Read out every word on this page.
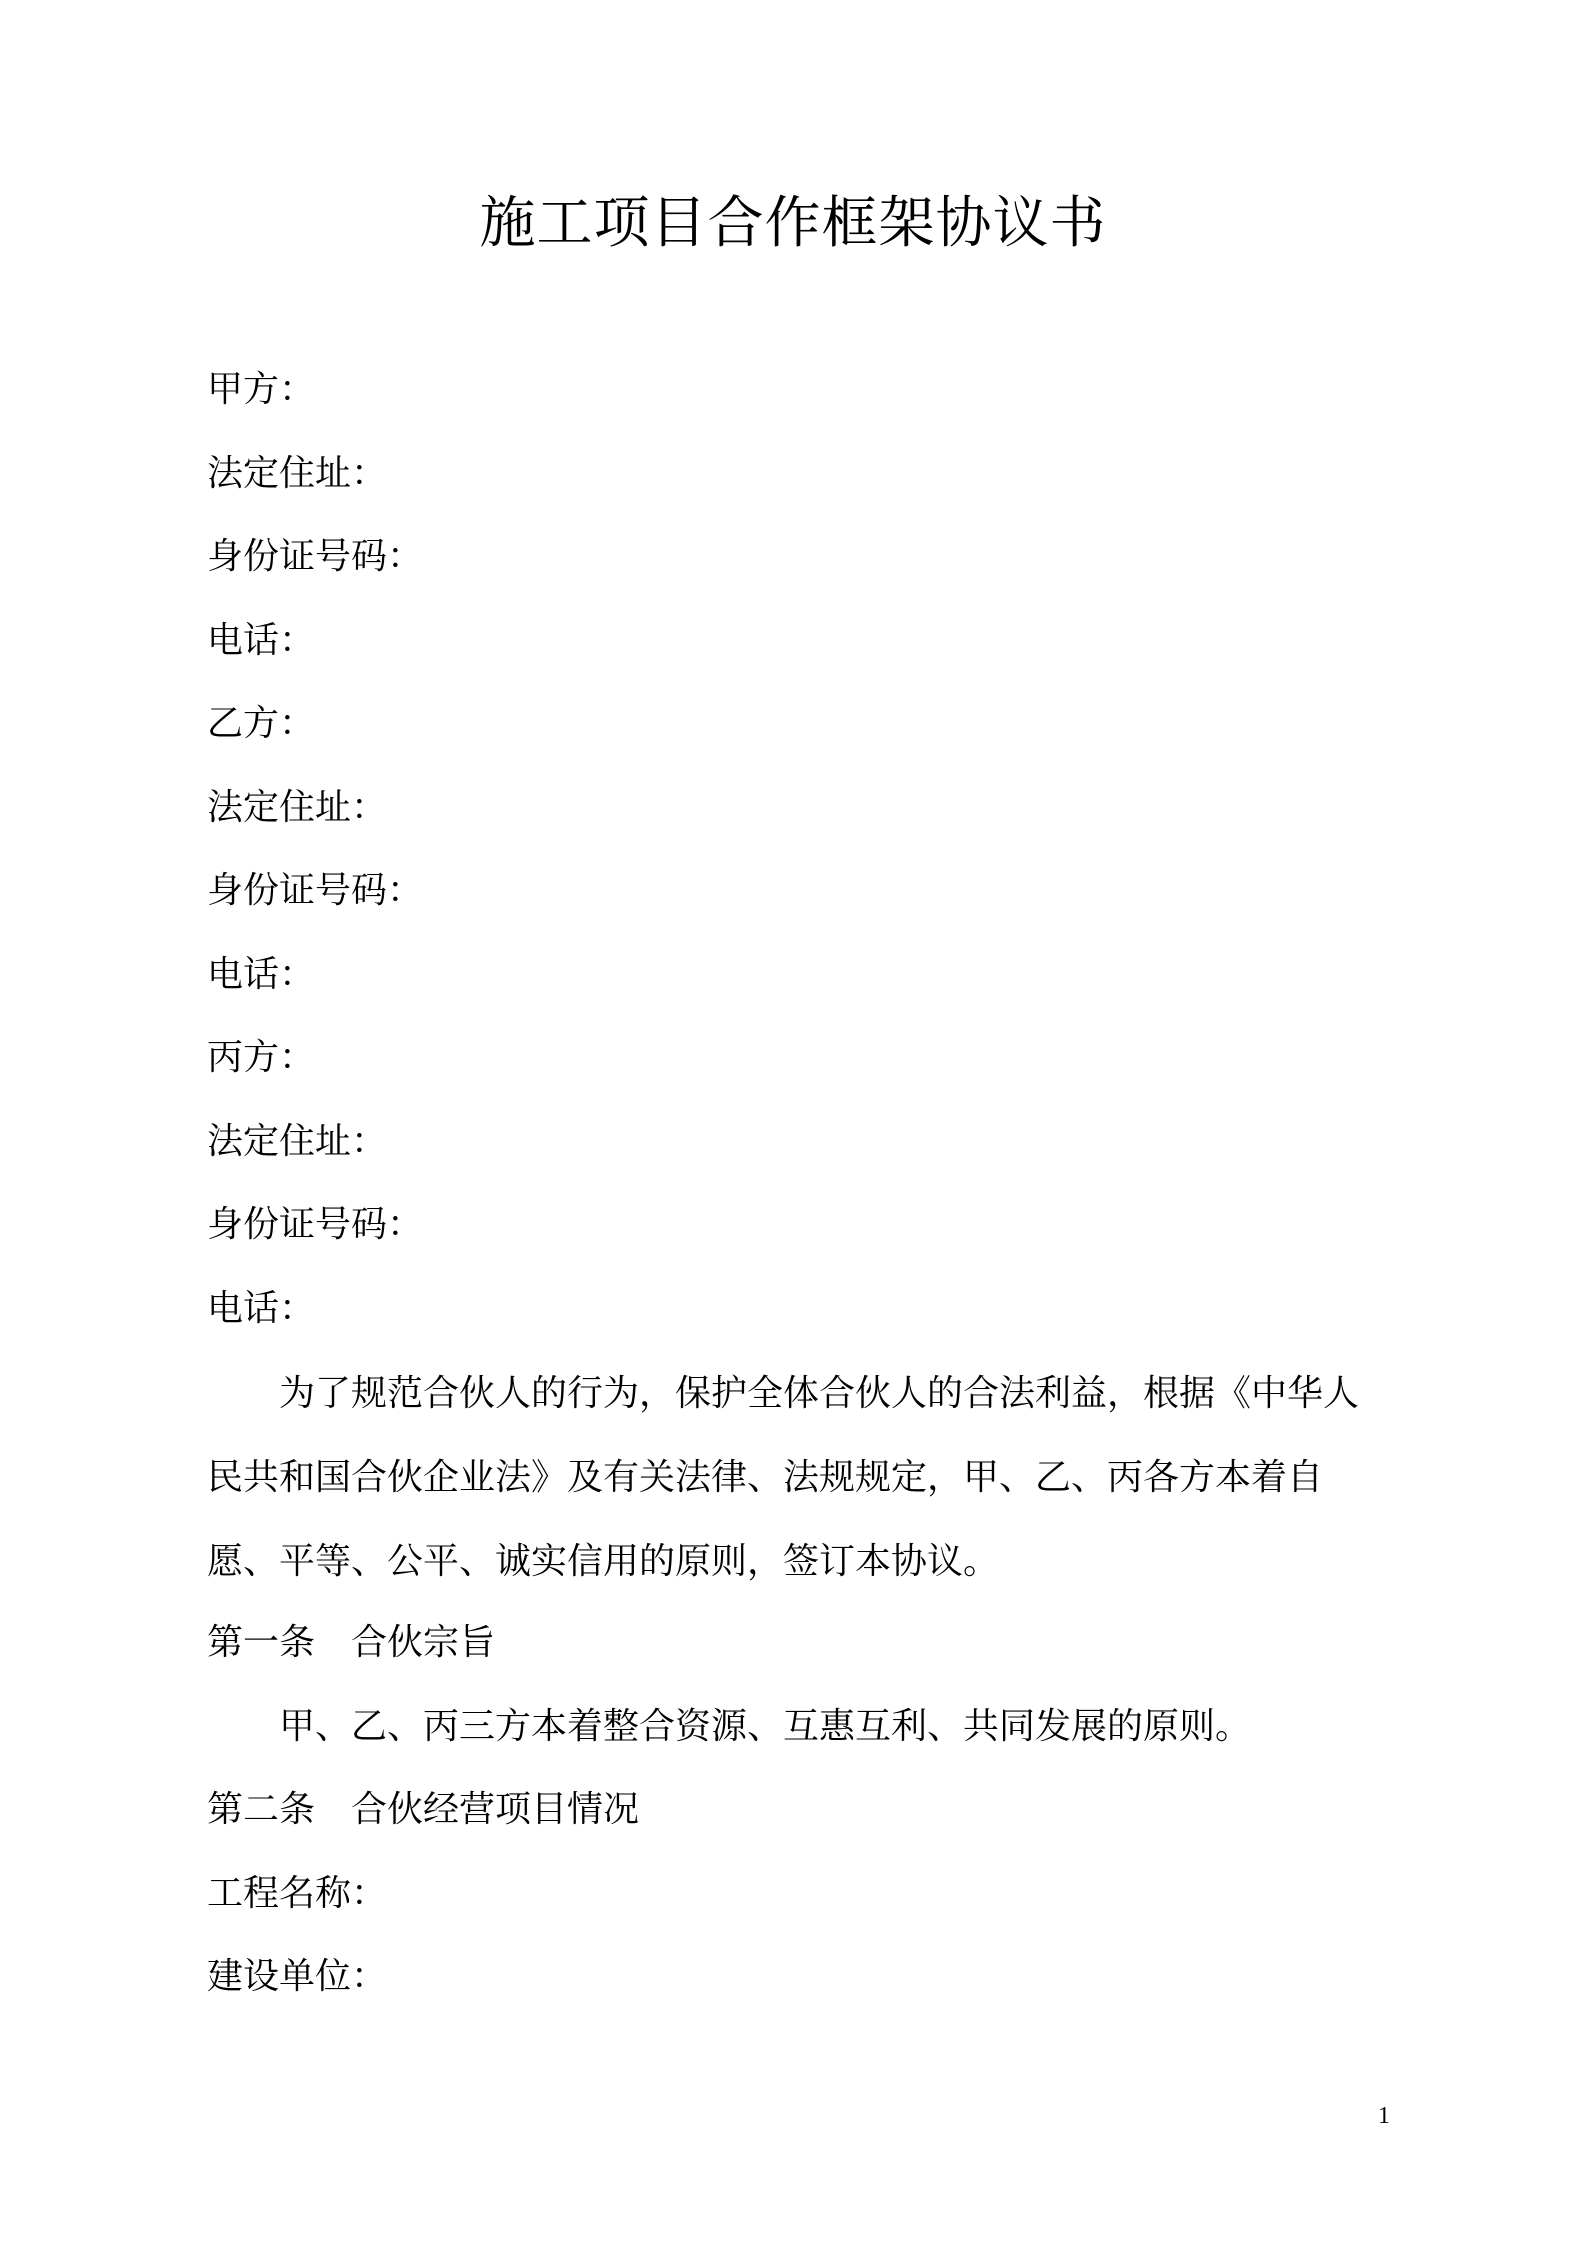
施工项目合作框架协议书

甲方：

法定住址：

身份证号码：

电话：

乙方：

法定住址：

身份证号码：

电话：

丙方：

法定住址：

身份证号码：

电话：

为了规范合伙人的行为，保护全体合伙人的合法利益，根据《中华人民共和国合伙企业法》及有关法律、法规规定，甲、乙、丙各方本着自愿、平等、公平、诚实信用的原则，签订本协议。

第一条 合伙宗旨

甲、乙、丙三方本着整合资源、互惠互利、共同发展的原则。

第二条 合伙经营项目情况

工程名称：

建设单位：

1
